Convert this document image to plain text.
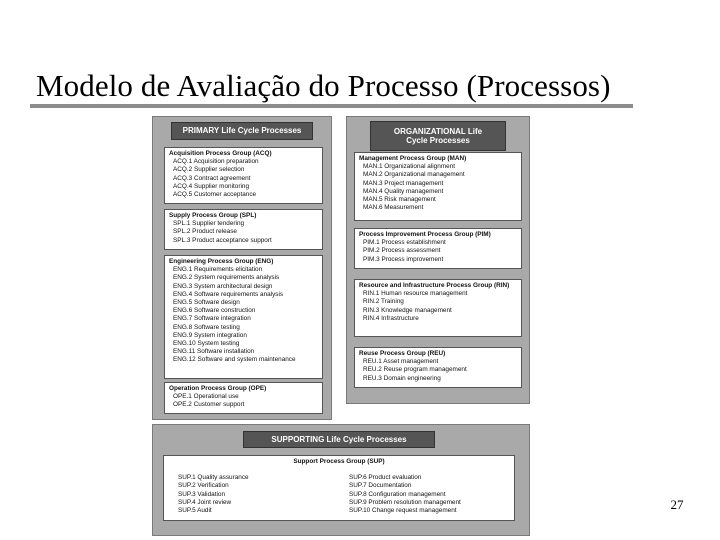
Modelo de Avaliação do Processo (Processos)
27
PRIMARY Life Cycle Processes
Acquisition Process Group (ACQ)
ACQ.1 Acquisition preparation
ACQ.2 Supplier selection
ACQ.3 Contract agreement
ACQ.4 Supplier monitoring
ACQ.5 Customer acceptance
Supply Process Group (SPL)
SPL.1 Supplier tendering
SPL.2 Product release
SPL.3 Product acceptance support
Engineering Process Group (ENG)
ENG.1 Requirements elicitation
ENG.2 System requirements analysis
ENG.3 System architectural design
ENG.4 Software requirements analysis
ENG.5 Software design
ENG.6 Software construction
ENG.7 Software integration
ENG.8 Software testing
ENG.9 System integration
ENG.10 System testing
ENG.11 Software installation
ENG.12 Software and system maintenance
Operation Process Group (OPE)
OPE.1 Operational use
OPE.2 Customer support
ORGANIZATIONAL Life
Cycle Processes
Management Process Group (MAN)
MAN.1 Organizational alignment
MAN.2 Organizational management
MAN.3 Project management
MAN.4 Quality management
MAN.5 Risk management
MAN.6 Measurement
Process Improvement Process Group (PIM)
PIM.1 Process establishment
PIM.2 Process assessment
PIM.3 Process improvement
Resource and Infrastructure Process Group (RIN)
RIN.1 Human resource management
RIN.2 Training
RIN.3 Knowledge management
RIN.4 Infrastructure
Reuse Process Group (REU)
REU.1 Asset management
REU.2 Reuse program management
REU.3 Domain engineering
SUPPORTING Life Cycle Processes
Support Process Group (SUP)
SUP.1 Quality assurance
SUP.2 Verification
SUP.3 Validation
SUP.4 Joint review
SUP.5 Audit
SUP.6 Product evaluation
SUP.7 Documentation
SUP.8 Configuration management
SUP.9 Problem resolution management
SUP.10 Change request management
